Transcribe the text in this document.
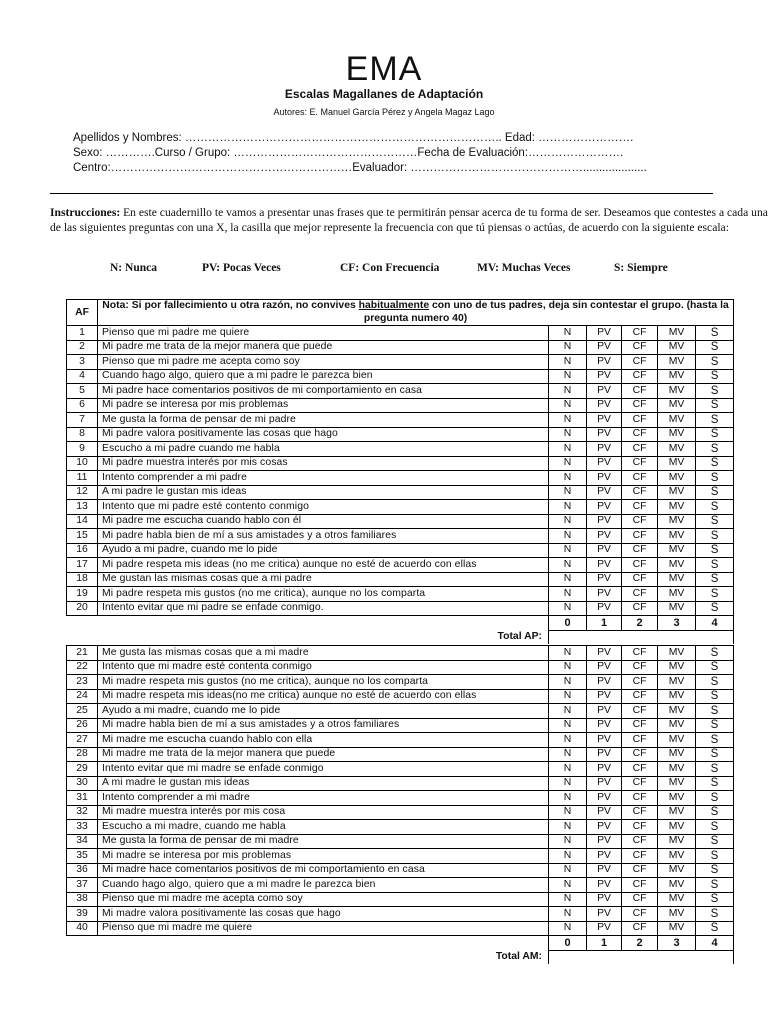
EMA
Escalas Magallanes de Adaptación
Autores: E. Manuel García Pérez y Angela Magaz Lago
Apellidos y Nombres: ……………………………………………………………………….. Edad: …………………….
Sexo: ………….Curso / Grupo: …………………………………………Fecha de Evaluación:…………………….
Centro:………………………………………………………Evaluador: ………………………………………....................
Instrucciones: En este cuadernillo te vamos a presentar unas frases que te permitirán pensar acerca de tu forma de ser. Deseamos que contestes a cada una de las siguientes preguntas con una X, la casilla que mejor represente la frecuencia con que tú piensas o actúas, de acuerdo con la siguiente escala:
N: Nunca	PV: Pocas Veces	CF: Con Frecuencia	MV: Muchas Veces	S: Siempre
AF	Nota: Si por fallecimiento u otra razón, no convives habitualmente con uno de tus padres, deja sin contestar el grupo. (hasta la pregunta numero 40)					
1	Pienso que mi padre me quiere	N	PV	CF	MV	S
2	Mi padre me trata de la mejor manera que puede	N	PV	CF	MV	S
3	Pienso que mi padre me acepta como soy	N	PV	CF	MV	S
4	Cuando hago algo, quiero que a mi padre le parezca bien	N	PV	CF	MV	S
5	Mi padre hace comentarios positivos de mi comportamiento en casa	N	PV	CF	MV	S
6	Mi padre se interesa por mis problemas	N	PV	CF	MV	S
7	Me gusta la forma de pensar de mi padre	N	PV	CF	MV	S
8	Mi padre valora positivamente las cosas que hago	N	PV	CF	MV	S
9	Escucho a mi padre cuando me habla	N	PV	CF	MV	S
10	Mi padre muestra interés por mis cosas	N	PV	CF	MV	S
11	Intento comprender a mi padre	N	PV	CF	MV	S
12	A mi padre le gustan mis ideas	N	PV	CF	MV	S
13	Intento que mi padre esté contento conmigo	N	PV	CF	MV	S
14	Mi padre me escucha cuando hablo con él	N	PV	CF	MV	S
15	Mi padre habla bien de mí a sus amistades y a otros familiares	N	PV	CF	MV	S
16	Ayudo a mi padre, cuando me lo pide	N	PV	CF	MV	S
17	Mi padre respeta mis ideas (no me critica) aunque no esté de acuerdo con ellas	N	PV	CF	MV	S
18	Me gustan las mismas cosas que a mi padre	N	PV	CF	MV	S
19	Mi padre respeta mis gustos (no me critica), aunque no los comparta	N	PV	CF	MV	S
20	Intento evitar que mi padre se enfade conmigo.	N	PV	CF	MV	S
		0	1	2	3	4
Total AP:						
21	Me gusta las mismas cosas que a mi madre	N	PV	CF	MV	S
22	Intento que mi madre esté contenta conmigo	N	PV	CF	MV	S
23	Mi madre respeta mis gustos (no me critica), aunque no los comparta	N	PV	CF	MV	S
24	Mi madre respeta mis ideas(no me critica) aunque no esté de acuerdo con ellas	N	PV	CF	MV	S
25	Ayudo a mi madre, cuando me lo pide	N	PV	CF	MV	S
26	Mi madre habla bien de mí a sus amistades y a otros familiares	N	PV	CF	MV	S
27	Mi madre me escucha cuando hablo con ella	N	PV	CF	MV	S
28	Mi madre me trata de la mejor manera que puede	N	PV	CF	MV	S
29	Intento evitar que mi madre se enfade conmigo	N	PV	CF	MV	S
30	A mi madre le gustan mis ideas	N	PV	CF	MV	S
31	Intento comprender a mi madre	N	PV	CF	MV	S
32	Mi madre muestra interés por mis cosa	N	PV	CF	MV	S
33	Escucho a mi madre, cuando me habla	N	PV	CF	MV	S
34	Me gusta la forma de pensar de mi madre	N	PV	CF	MV	S
35	Mi madre se interesa por mis problemas	N	PV	CF	MV	S
36	Mi madre hace comentarios positivos de mi comportamiento en casa	N	PV	CF	MV	S
37	Cuando hago algo, quiero que a mi madre le parezca bien	N	PV	CF	MV	S
38	Pienso que mi madre me acepta como soy	N	PV	CF	MV	S
39	Mi madre valora positivamente las cosas que hago	N	PV	CF	MV	S
40	Pienso que mi madre me quiere	N	PV	CF	MV	S
		0	1	2	3	4
Total AM:						
